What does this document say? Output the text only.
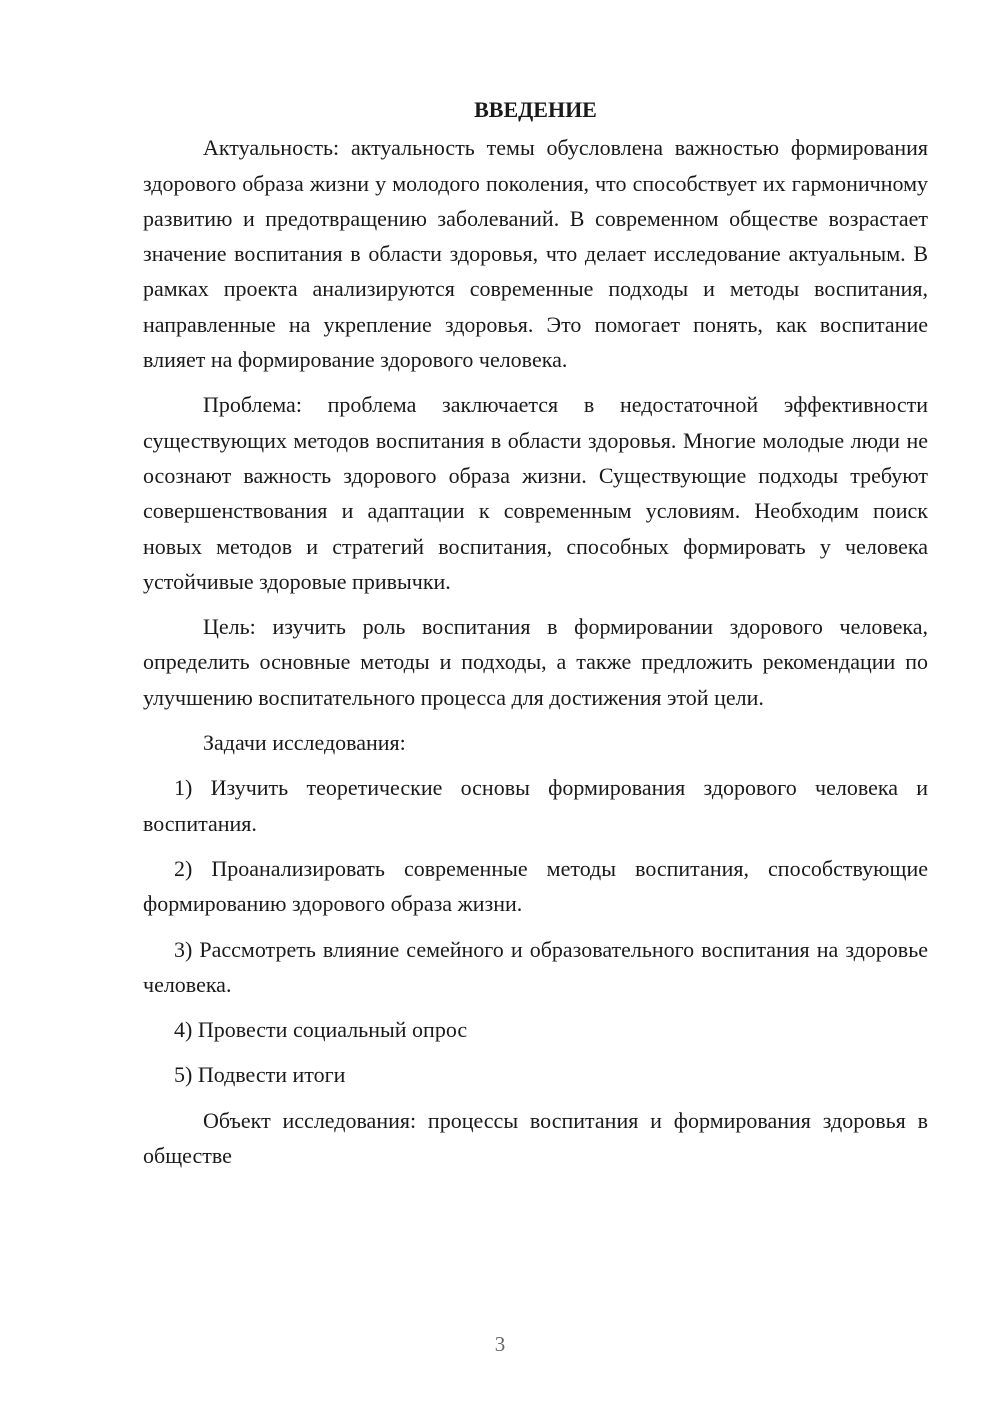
ВВЕДЕНИЕ

Актуальность: актуальность темы обусловлена важностью формирования здорового образа жизни у молодого поколения, что способствует их гармоничному развитию и предотвращению заболеваний. В современном обществе возрастает значение воспитания в области здоровья, что делает исследование актуальным. В рамках проекта анализируются современные подходы и методы воспитания, направленные на укрепление здоровья. Это помогает понять, как воспитание влияет на формирование здорового человека.

Проблема: проблема заключается в недостаточной эффективности существующих методов воспитания в области здоровья. Многие молодые люди не осознают важность здорового образа жизни. Существующие подходы требуют совершенствования и адаптации к современным условиям. Необходим поиск новых методов и стратегий воспитания, способных формировать у человека устойчивые здоровые привычки.

Цель: изучить роль воспитания в формировании здорового человека, определить основные методы и подходы, а также предложить рекомендации по улучшению воспитательного процесса для достижения этой цели.

Задачи исследования:

1) Изучить теоретические основы формирования здорового человека и воспитания.

2) Проанализировать современные методы воспитания, способствующие формированию здорового образа жизни.

3) Рассмотреть влияние семейного и образовательного воспитания на здоровье человека.

4) Провести социальный опрос

5) Подвести итоги

Объект исследования: процессы воспитания и формирования здоровья в обществе

3
